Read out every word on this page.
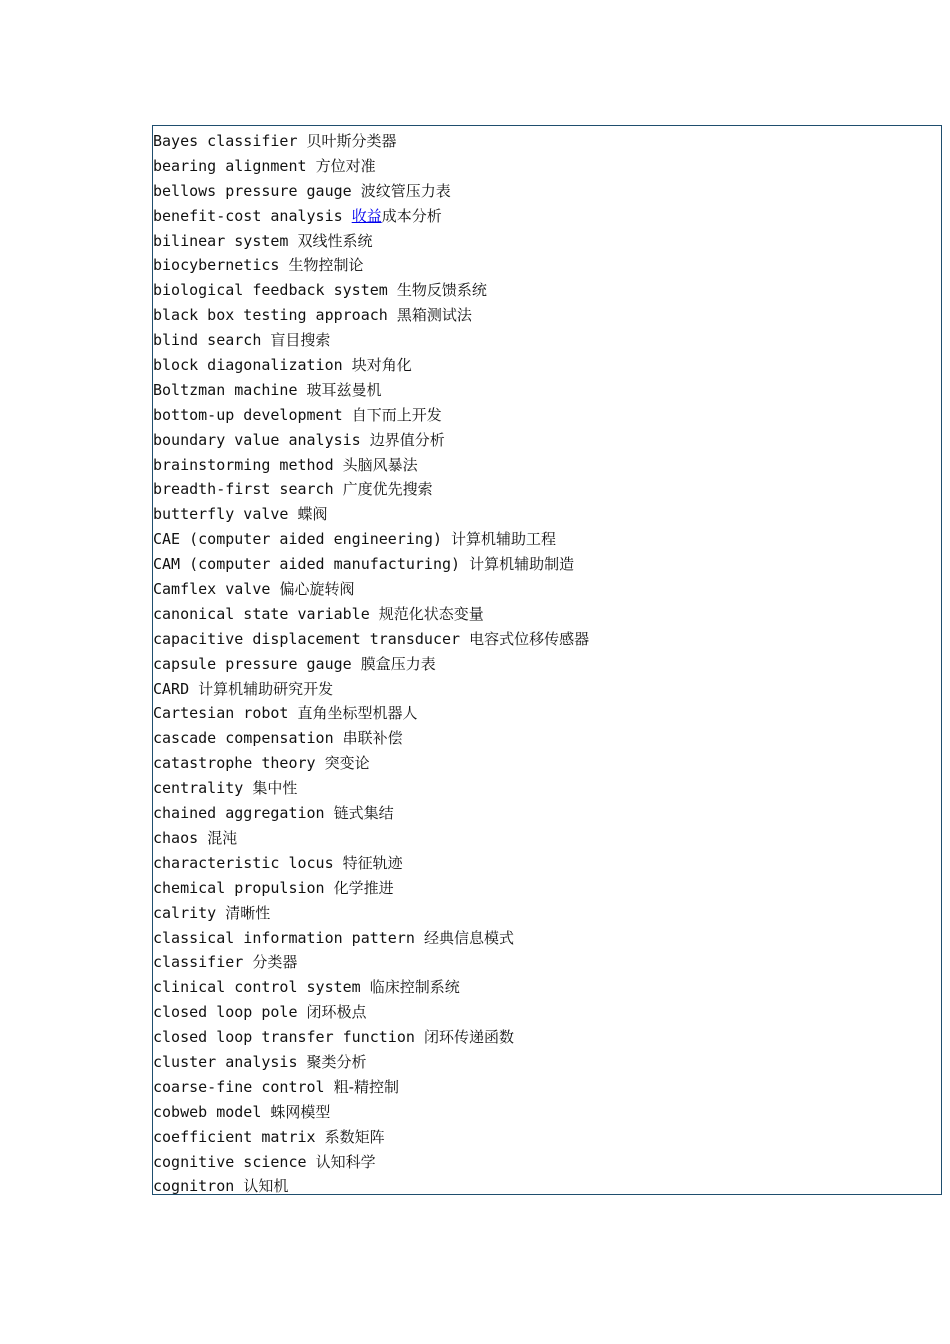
Bayes classifier 贝叶斯分类器
bearing alignment 方位对准
bellows pressure gauge 波纹管压力表
benefit-cost analysis 收益成本分析
bilinear system 双线性系统
biocybernetics 生物控制论
biological feedback system 生物反馈系统
black box testing approach 黑箱测试法
blind search 盲目搜索
block diagonalization 块对角化
Boltzman machine 玻耳兹曼机
bottom-up development 自下而上开发
boundary value analysis 边界值分析
brainstorming method 头脑风暴法
breadth-first search 广度优先搜索
butterfly valve 蝶阀
CAE (computer aided engineering) 计算机辅助工程
CAM (computer aided manufacturing) 计算机辅助制造
Camflex valve 偏心旋转阀
canonical state variable 规范化状态变量
capacitive displacement transducer 电容式位移传感器
capsule pressure gauge 膜盒压力表
CARD 计算机辅助研究开发
Cartesian robot 直角坐标型机器人
cascade compensation 串联补偿
catastrophe theory 突变论
centrality 集中性
chained aggregation 链式集结
chaos 混沌
characteristic locus 特征轨迹
chemical propulsion 化学推进
calrity 清晰性
classical information pattern 经典信息模式
classifier 分类器
clinical control system 临床控制系统
closed loop pole 闭环极点
closed loop transfer function 闭环传递函数
cluster analysis 聚类分析
coarse-fine control 粗-精控制
cobweb model 蛛网模型
coefficient matrix 系数矩阵
cognitive science 认知科学
cognitron 认知机
